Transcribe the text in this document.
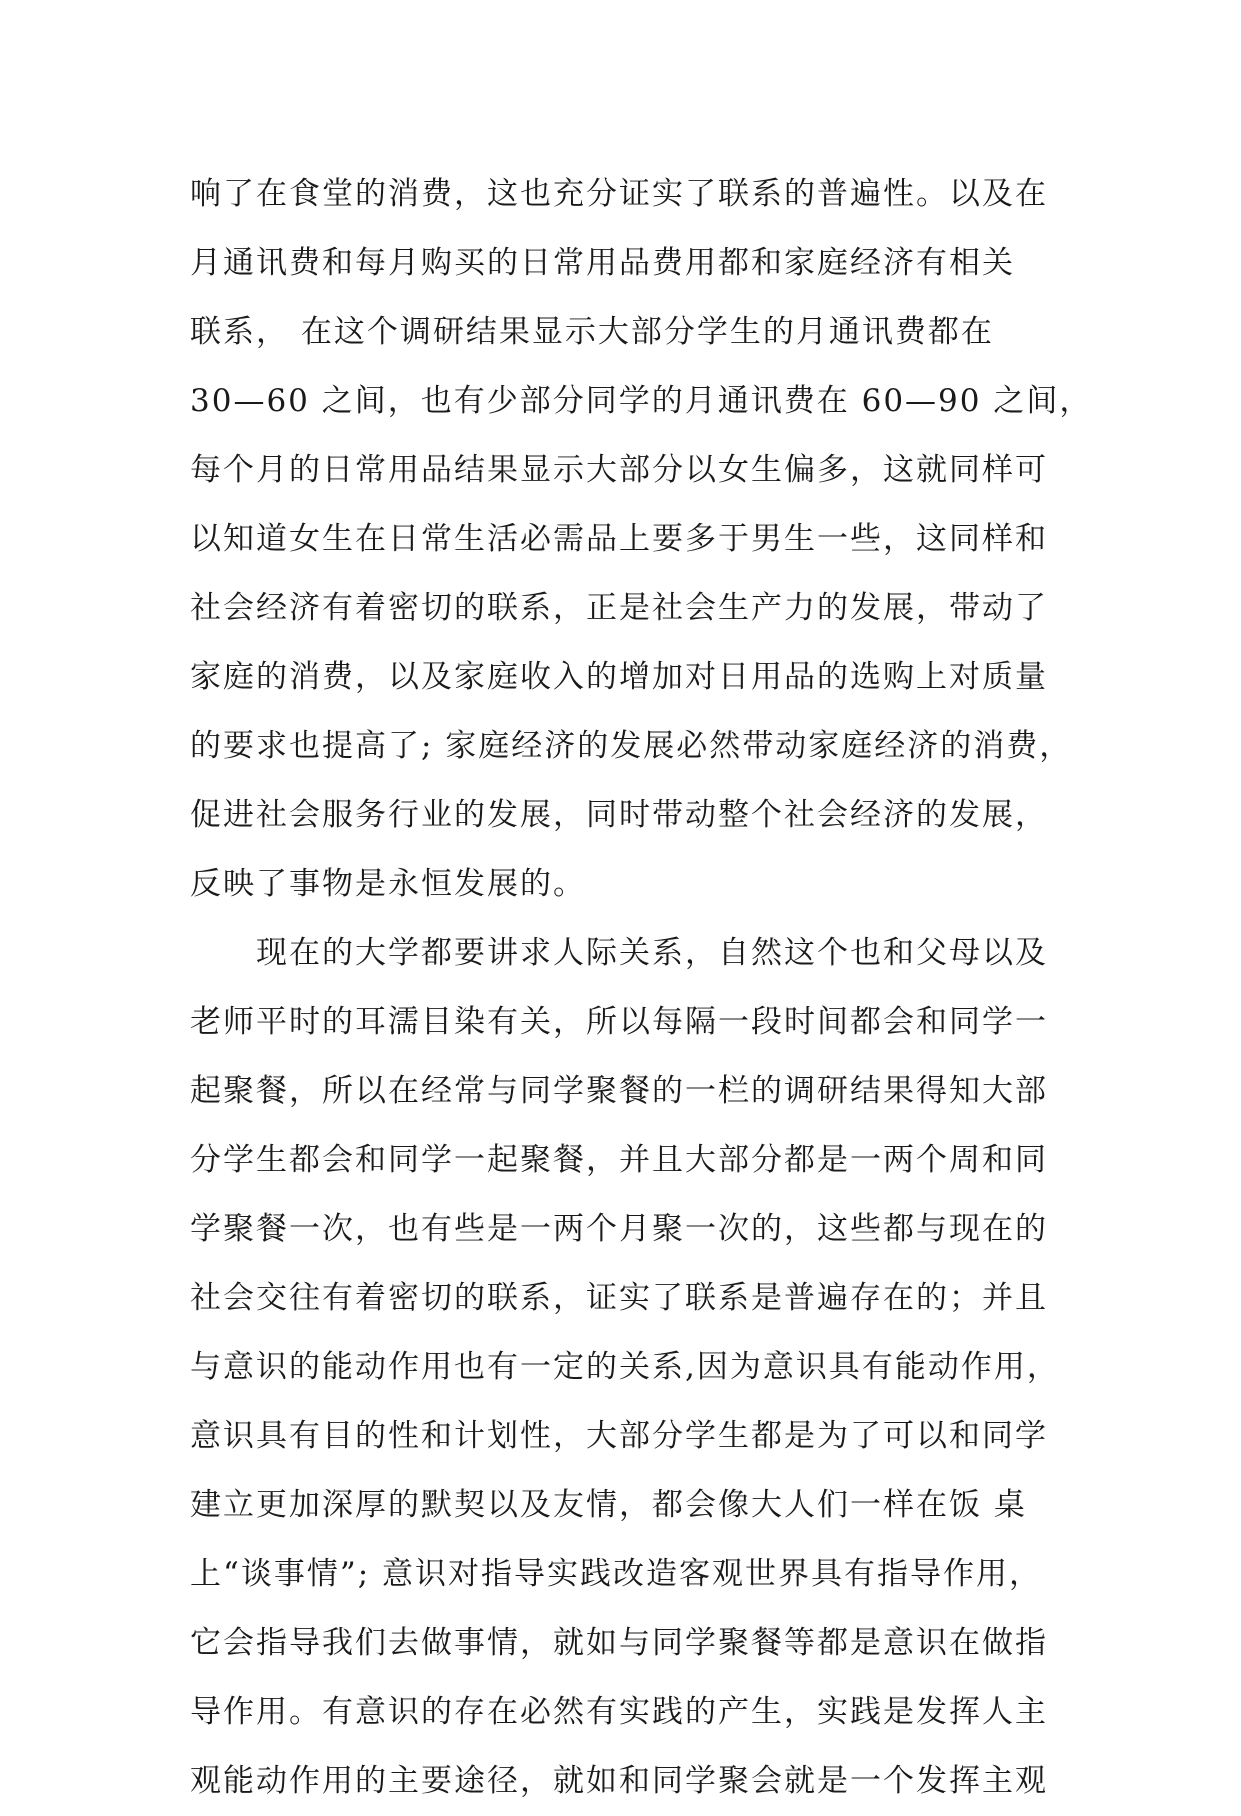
响了在食堂的消费，这也充分证实了联系的普遍性。以及在
月通讯费和每月购买的日常用品费用都和家庭经济有相关
联系， 在这个调研结果显示大部分学生的月通讯费都在
30—60 之间，也有少部分同学的月通讯费在 60—90 之间，
每个月的日常用品结果显示大部分以女生偏多，这就同样可
以知道女生在日常生活必需品上要多于男生一些，这同样和
社会经济有着密切的联系，正是社会生产力的发展，带动了
家庭的消费，以及家庭收入的增加对日用品的选购上对质量
的要求也提高了; 家庭经济的发展必然带动家庭经济的消费，
促进社会服务行业的发展，同时带动整个社会经济的发展，
反映了事物是永恒发展的。
现在的大学都要讲求人际关系，自然这个也和父母以及
老师平时的耳濡目染有关，所以每隔一段时间都会和同学一
起聚餐，所以在经常与同学聚餐的一栏的调研结果得知大部
分学生都会和同学一起聚餐，并且大部分都是一两个周和同
学聚餐一次，也有些是一两个月聚一次的，这些都与现在的
社会交往有着密切的联系，证实了联系是普遍存在的；并且
与意识的能动作用也有一定的关系,因为意识具有能动作用，
意识具有目的性和计划性，大部分学生都是为了可以和同学
建立更加深厚的默契以及友情，都会像大人们一样在饭 桌
上“谈事情”; 意识对指导实践改造客观世界具有指导作用，
它会指导我们去做事情，就如与同学聚餐等都是意识在做指
导作用。有意识的存在必然有实践的产生，实践是发挥人主
观能动作用的主要途径，就如和同学聚会就是一个发挥主观
